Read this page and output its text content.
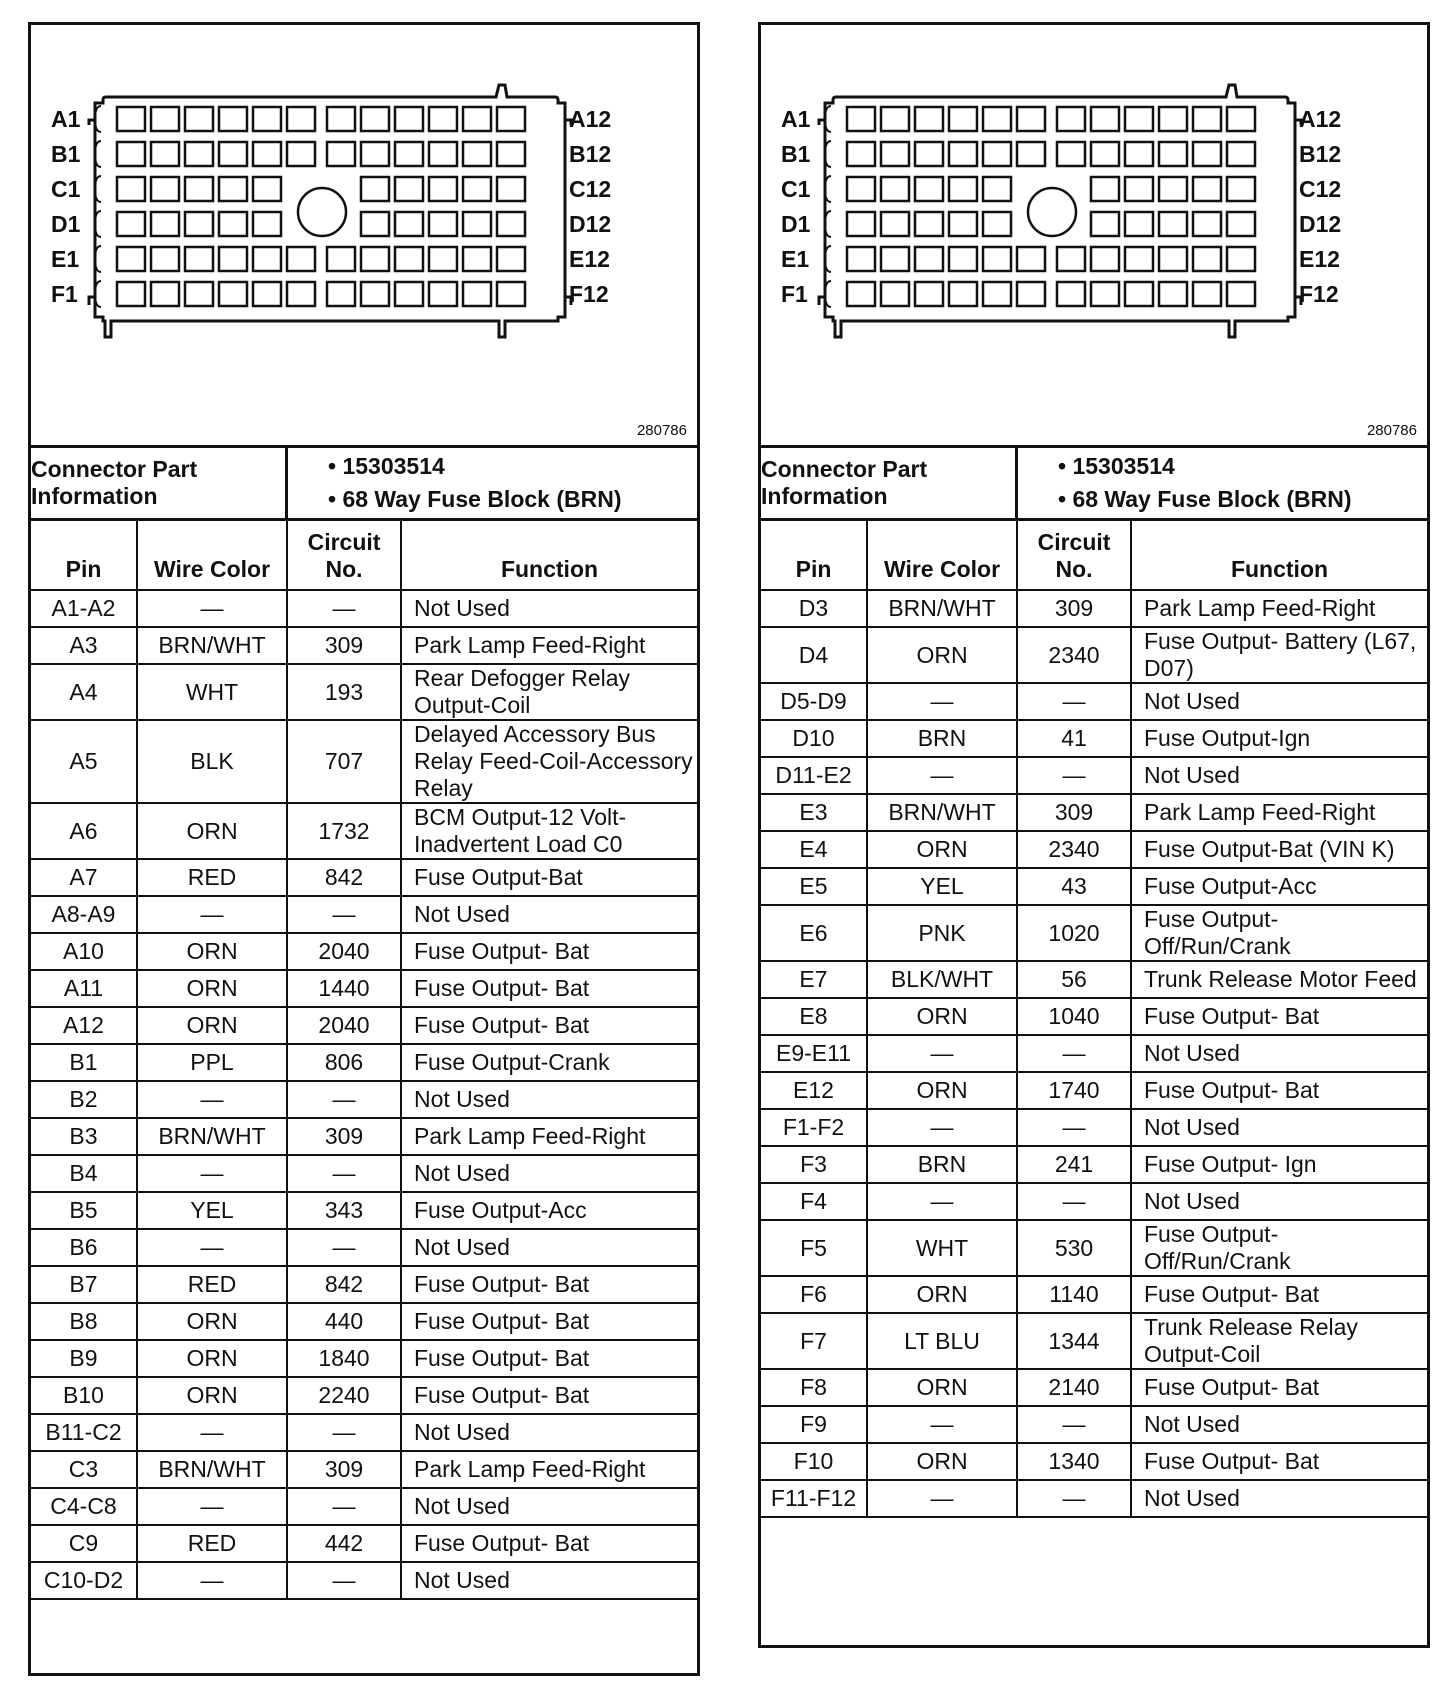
A1
B1
C1
D1
E1
F1
A12
B12
C12
D12
E12
F12
280786
Connector Part Information
• 15303514
• 68 Way Fuse Block (BRN)
Pin	Wire Color	Circuit No.	Function
A1-A2	—	—	Not Used
A3	BRN/WHT	309	Park Lamp Feed-Right
A4	WHT	193	Rear Defogger Relay Output-Coil
A5	BLK	707	Delayed Accessory Bus Relay Feed-Coil-Accessory Relay
A6	ORN	1732	BCM Output-12 Volt-Inadvertent Load C0
A7	RED	842	Fuse Output-Bat
A8-A9	—	—	Not Used
A10	ORN	2040	Fuse Output- Bat
A11	ORN	1440	Fuse Output- Bat
A12	ORN	2040	Fuse Output- Bat
B1	PPL	806	Fuse Output-Crank
B2	—	—	Not Used
B3	BRN/WHT	309	Park Lamp Feed-Right
B4	—	—	Not Used
B5	YEL	343	Fuse Output-Acc
B6	—	—	Not Used
B7	RED	842	Fuse Output- Bat
B8	ORN	440	Fuse Output- Bat
B9	ORN	1840	Fuse Output- Bat
B10	ORN	2240	Fuse Output- Bat
B11-C2	—	—	Not Used
C3	BRN/WHT	309	Park Lamp Feed-Right
C4-C8	—	—	Not Used
C9	RED	442	Fuse Output- Bat
C10-D2	—	—	Not Used
A1
B1
C1
D1
E1
F1
A12
B12
C12
D12
E12
F12
280786
Connector Part Information
• 15303514
• 68 Way Fuse Block (BRN)
Pin	Wire Color	Circuit No.	Function
D3	BRN/WHT	309	Park Lamp Feed-Right
D4	ORN	2340	Fuse Output- Battery (L67, D07)
D5-D9	—	—	Not Used
D10	BRN	41	Fuse Output-Ign
D11-E2	—	—	Not Used
E3	BRN/WHT	309	Park Lamp Feed-Right
E4	ORN	2340	Fuse Output-Bat (VIN K)
E5	YEL	43	Fuse Output-Acc
E6	PNK	1020	Fuse Output-Off/Run/Crank
E7	BLK/WHT	56	Trunk Release Motor Feed
E8	ORN	1040	Fuse Output- Bat
E9-E11	—	—	Not Used
E12	ORN	1740	Fuse Output- Bat
F1-F2	—	—	Not Used
F3	BRN	241	Fuse Output- Ign
F4	—	—	Not Used
F5	WHT	530	Fuse Output-Off/Run/Crank
F6	ORN	1140	Fuse Output- Bat
F7	LT BLU	1344	Trunk Release Relay Output-Coil
F8	ORN	2140	Fuse Output- Bat
F9	—	—	Not Used
F10	ORN	1340	Fuse Output- Bat
F11-F12	—	—	Not Used
